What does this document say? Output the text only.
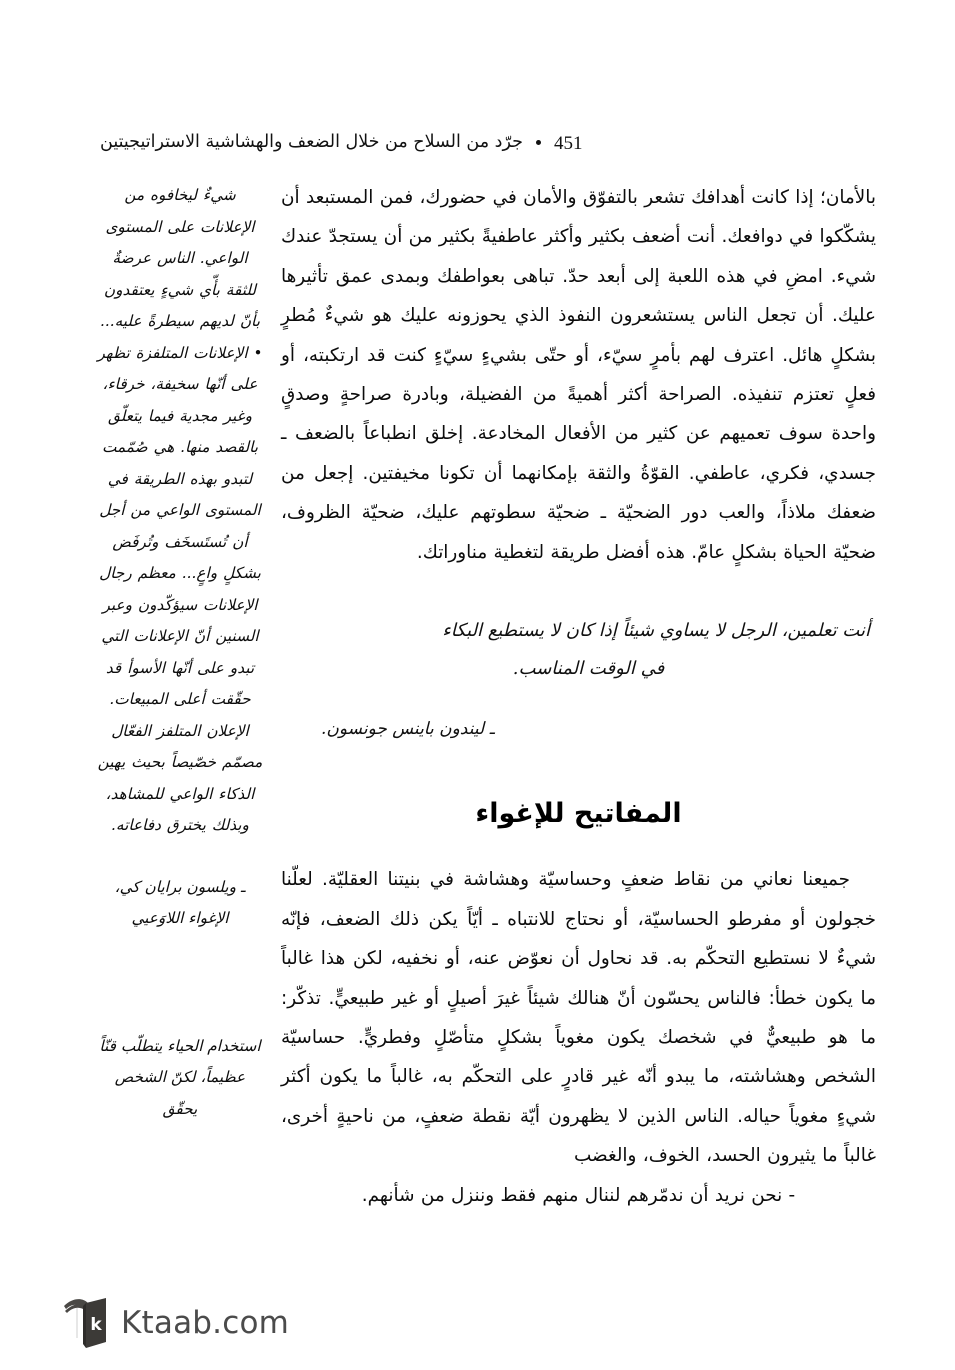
جرّد من السلاح من خلال الضعف والهشاشية الاستراتيجيتين 451

بالأمان؛ إذا كانت أهدافك تشعر بالتفوّق والأمان في حضورك، فمن المستبعد أن يشكّكوا في دوافعك. أنت أضعف بكثير وأكثر عاطفيةً بكثير من أن يستجدّ عندك شيء. امضِ في هذه اللعبة إلى أبعد حدّ. تباهى بعواطفك وبمدى عمق تأثيرها عليك. أن تجعل الناس يستشعرون النفوذ الذي يحوزونه عليك هو شيءٌ مُطرٍ بشكلٍ هائل. اعترف لهم بأمرٍ سيّء، أو حتّى بشيءٍ سيّءٍ كنت قد ارتكبته، أو فعلٍ تعتزم تنفيذه. الصراحة أكثر أهميةً من الفضيلة، وبادرة صراحةٍ وصدقٍ واحدة سوف تعميهم عن كثير من الأفعال المخادعة. إخلق انطباعاً بالضعف ـ جسدي، فكري، عاطفي. القوّةُ والثقة بإمكانهما أن تكونا مخيفتين. إجعل من ضعفك ملاذاً، والعب دور الضحيّة ـ ضحيّة سطوتهم عليك، ضحيّة الظروف، ضحيّة الحياة بشكلٍ عامّ. هذه أفضل طريقة لتغطية مناوراتك.

أنت تعلمين، الرجل لا يساوي شيئاً إذا كان لا يستطيع البكاء
في الوقت المناسب.

ـ ليندون باينس جونسون.
المفاتيح للإغواء

جميعنا نعاني من نقاط ضعفٍ وحساسيّة وهشاشة في بنيتنا العقليّة. لعلّنا خجولون أو مفرطو الحساسيّة، أو نحتاج للانتباه ـ أيّاً يكن ذلك الضعف، فإنّه شيءٌ لا نستطيع التحكّم به. قد نحاول أن نعوّض عنه، أو نخفيه، لكن هذا غالباً ما يكون خطأ: فالناس يحسّون أنّ هنالك شيئاً غيرَ أصيلٍ أو غير طبيعيٍّ. تذكّر: ما هو طبيعيٌّ في شخصك يكون مغوياً بشكلٍ متأصّلٍ وفطريٍّ. حساسيّة الشخص وهشاشته، ما يبدو أنّه غير قادرٍ على التحكّم به، غالباً ما يكون أكثر شيءٍ مغوياً حياله. الناس الذين لا يظهرون أيّة نقطة ضعفٍ، من ناحيةٍ أخرى، غالباً ما يثيرون الحسد، الخوف، والغضب

- نحن نريد أن ندمّرهم لننال منهم فقط وننزل من شأنهم.

شيءٌ ليخافوه من الإعلانات على المستوى الواعي. الناس عرضةٌ للثقة بأّي شيءٍ يعتقدون بأنّ لديهم سيطرةً عليه... • الإعلانات المتلفزة تظهر على أنّها سخيفة، خرقاء، وغير مجدية فيما يتعلّق بالقصد منها. هي صُمّمت لتبدو بهذه الطريقة في المستوى الواعي من أجل أن تُستَسخَف وتُرفَض بشكلٍ واعٍ... معظم رجال الإعلانات سيؤكّدون وعبر السنين أنّ الإعلانات التي تبدو على أنّها الأسوأ قد حقّقت أعلى المبيعات. الإعلان المتلفز الفعّال مصمّم خصّيصاً بحيث يهين الذكاء الواعي للمشاهد، وبذلك يخترق دفاعاته.

ـ ويلسون برايان كي، الإغواء اللاوَعيي
استخدام الحياء يتطلّب قنّاً عظيماً، لكنّ الشخص يحقّق
k Ktaab.com
